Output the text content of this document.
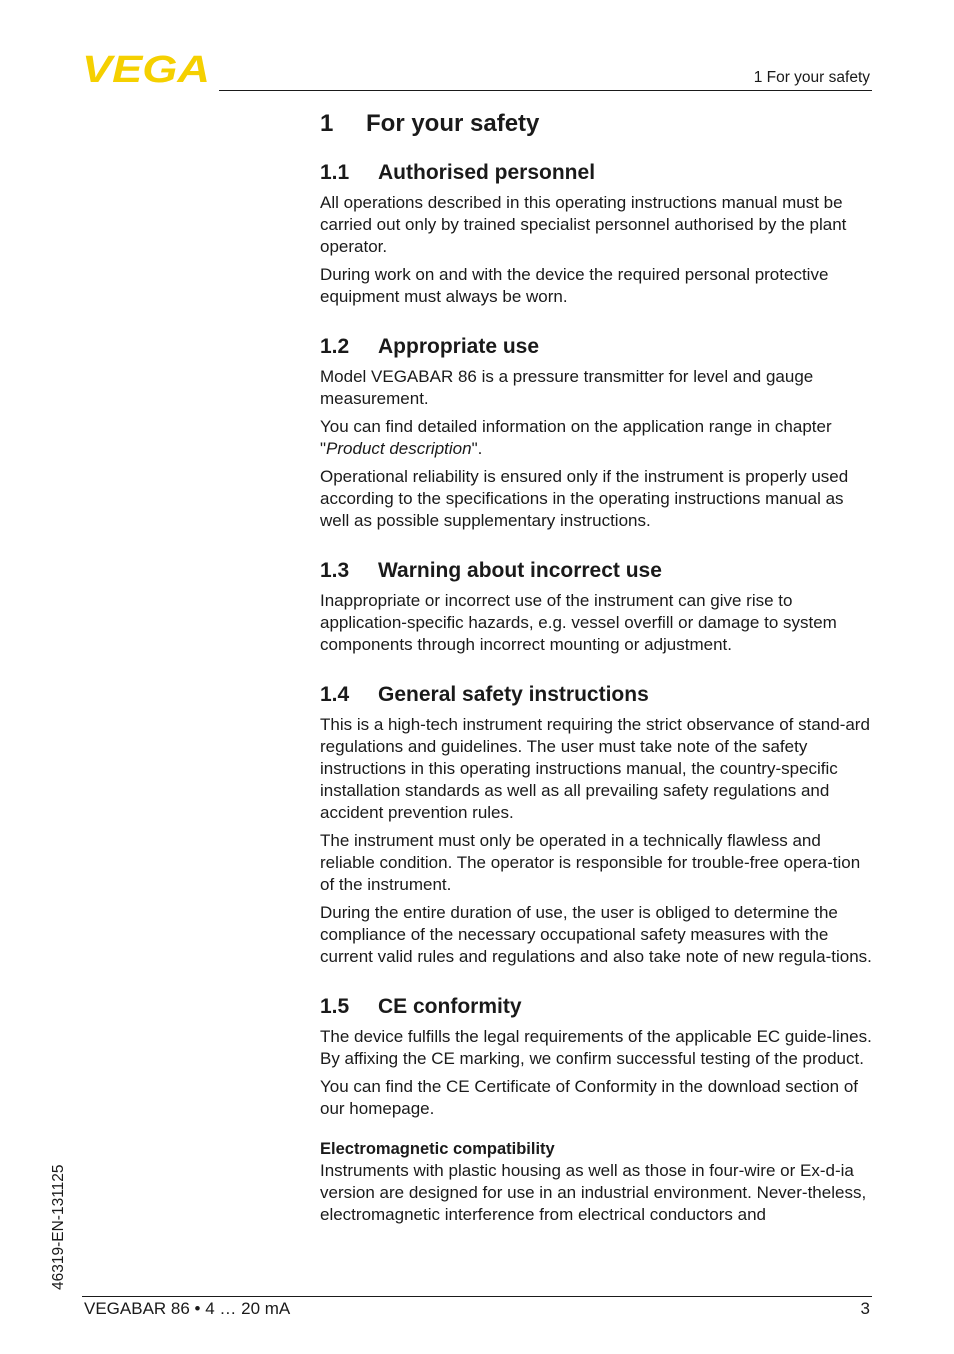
VEGA	1 For your safety
1	For your safety
1.1	Authorised personnel

All operations described in this operating instructions manual must be carried out only by trained specialist personnel authorised by the plant operator.

During work on and with the device the required personal protective equipment must always be worn.

1.2	Appropriate use

Model VEGABAR 86 is a pressure transmitter for level and gauge measurement.

You can find detailed information on the application range in chapter "Product description".

Operational reliability is ensured only if the instrument is properly used according to the specifications in the operating instructions manual as well as possible supplementary instructions.

1.3	Warning about incorrect use

Inappropriate or incorrect use of the instrument can give rise to application-specific hazards, e.g. vessel overfill or damage to system components through incorrect mounting or adjustment.

1.4	General safety instructions

This is a high-tech instrument requiring the strict observance of stand-ard regulations and guidelines. The user must take note of the safety instructions in this operating instructions manual, the country-specific installation standards as well as all prevailing safety regulations and accident prevention rules.

The instrument must only be operated in a technically flawless and reliable condition. The operator is responsible for trouble-free opera-tion of the instrument.

During the entire duration of use, the user is obliged to determine the compliance of the necessary occupational safety measures with the current valid rules and regulations and also take note of new regula-tions.

1.5	CE conformity

The device fulfills the legal requirements of the applicable EC guide-lines. By affixing the CE marking, we confirm successful testing of the product.

You can find the CE Certificate of Conformity in the download section of our homepage.

Electromagnetic compatibility

Instruments with plastic housing as well as those in four-wire or Ex-d-ia version are designed for use in an industrial environment. Never-theless, electromagnetic interference from electrical conductors and

46319-EN-131125
VEGABAR 86 • 4 … 20 mA	3
